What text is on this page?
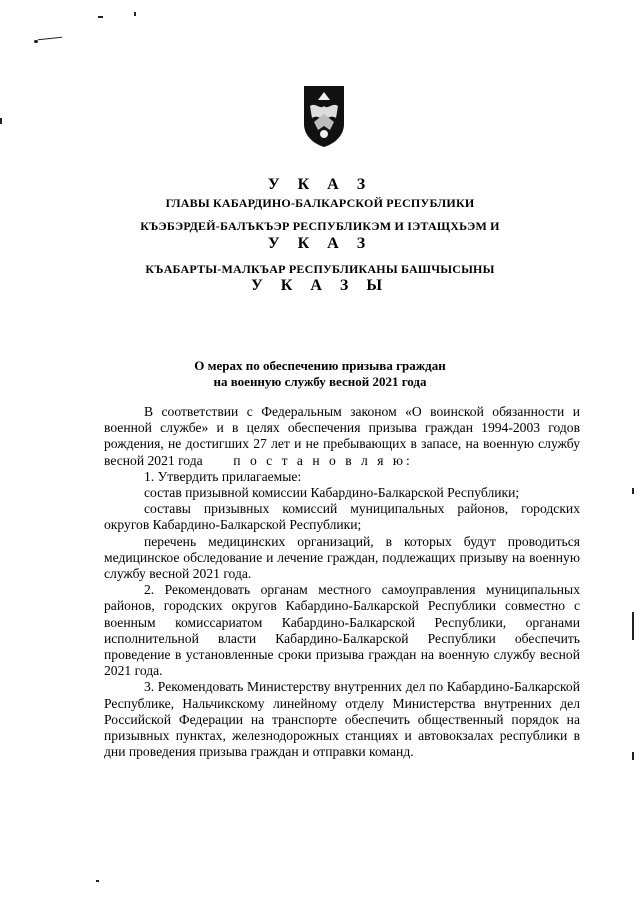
У К А З
ГЛАВЫ КАБАРДИНО-БАЛКАРСКОЙ РЕСПУБЛИКИ
КЪЭБЭРДЕЙ-БАЛЪКЪЭР РЕСПУБЛИКЭМ И ІЭТАЩХЬЭМ И
У К А З
КЪАБАРТЫ-МАЛКЪАР РЕСПУБЛИКАНЫ БАШЧЫСЫНЫ
У К А З Ы
О мерах по обеспечению призыва граждан
на военную службу весной 2021 года

В соответствии с Федеральным законом «О воинской обязанности и военной службе» и в целях обеспечения призыва граждан 1994-2003 годов рождения, не достигших 27 лет и не пребывающих в запасе, на военную службу весной 2021 года п о с т а н о в л я ю:

1. Утвердить прилагаемые:

состав призывной комиссии Кабардино-Балкарской Республики;

составы призывных комиссий муниципальных районов, городских округов Кабардино-Балкарской Республики;

перечень медицинских организаций, в которых будут проводиться медицинское обследование и лечение граждан, подлежащих призыву на военную службу весной 2021 года.

2. Рекомендовать органам местного самоуправления муниципальных районов, городских округов Кабардино-Балкарской Республики совместно с военным комиссариатом Кабардино-Балкарской Республики, органами исполнительной власти Кабардино-Балкарской Республики обеспечить проведение в установленные сроки призыва граждан на военную службу весной 2021 года.

3. Рекомендовать Министерству внутренних дел по Кабардино-Балкарской Республике, Нальчикскому линейному отделу Министерства внутренних дел Российской Федерации на транспорте обеспечить общественный порядок на призывных пунктах, железнодорожных станциях и автовокзалах республики в дни проведения призыва граждан и отправки команд.
